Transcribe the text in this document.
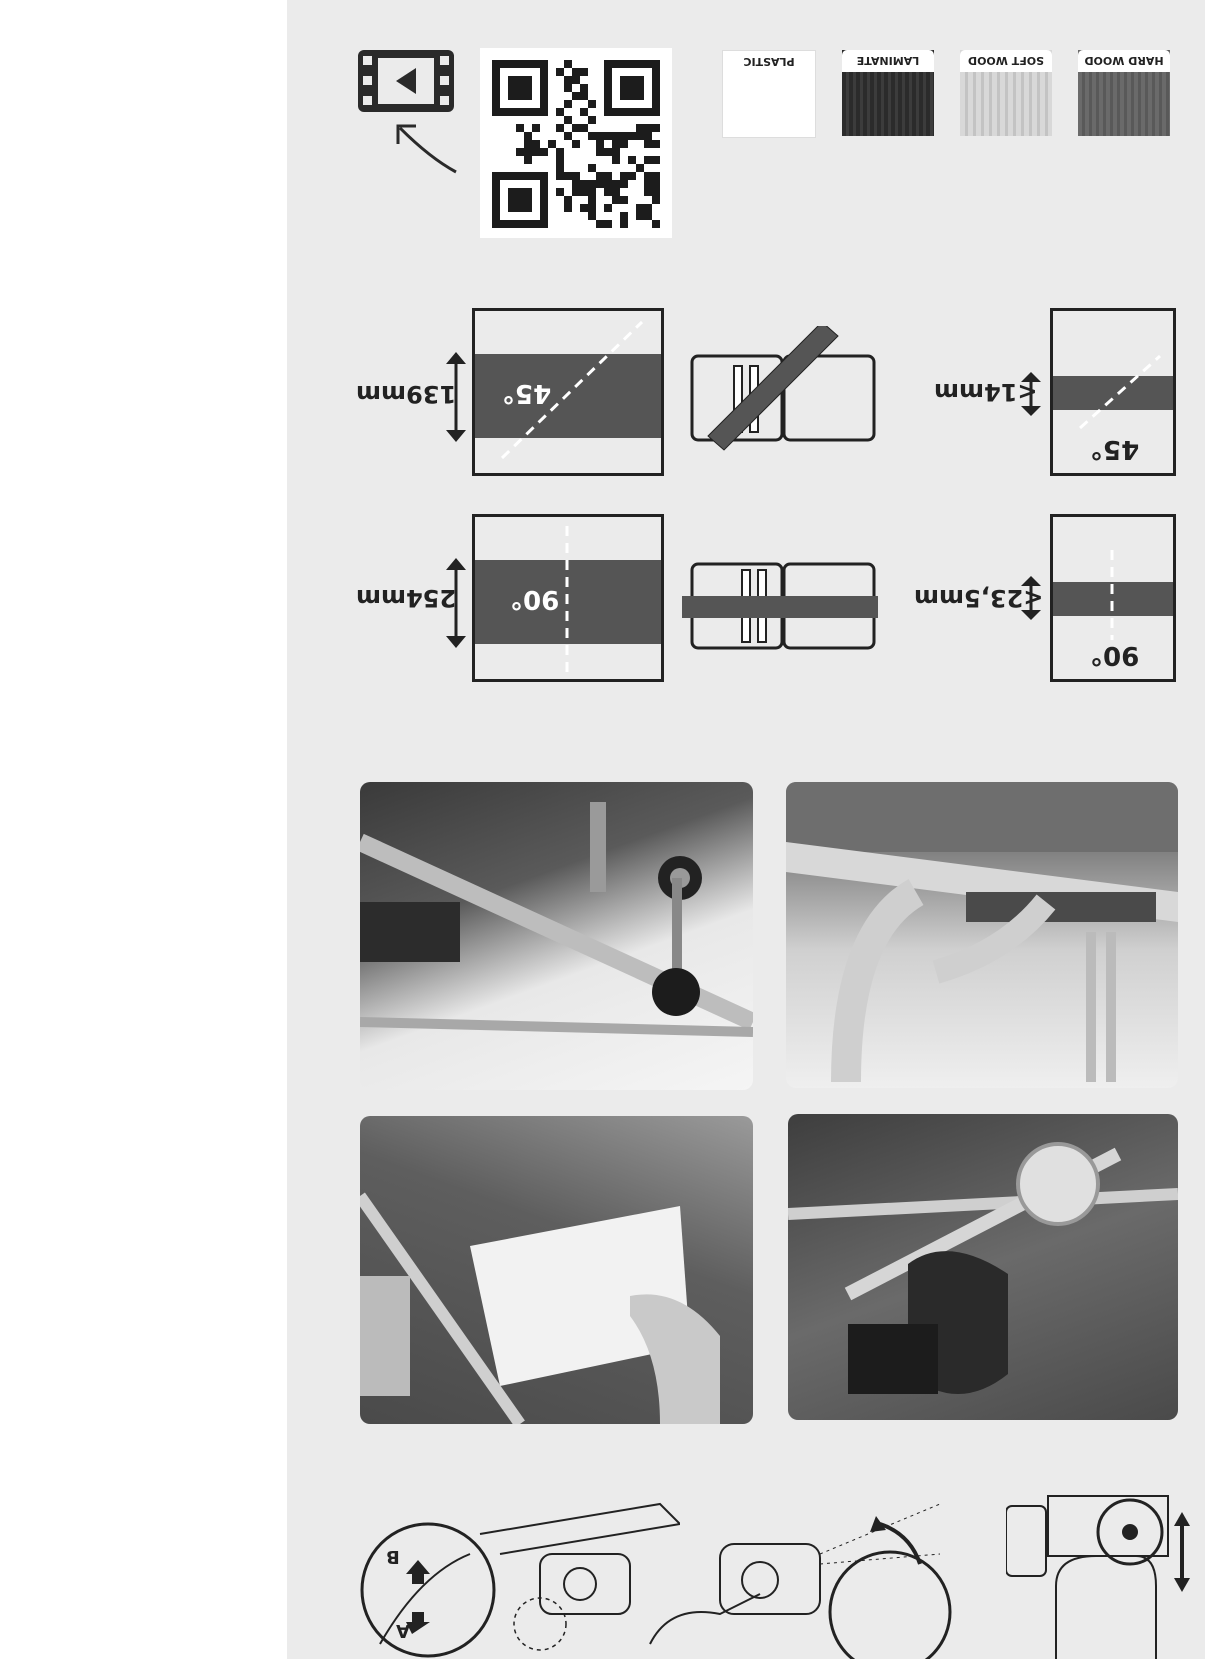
PLASTIC	LAMINATE	SOFT WOOD	HARD WOOD
139mm 45°
45°
<14mm
254mm 90°
90°
<23,5mm
A
B
